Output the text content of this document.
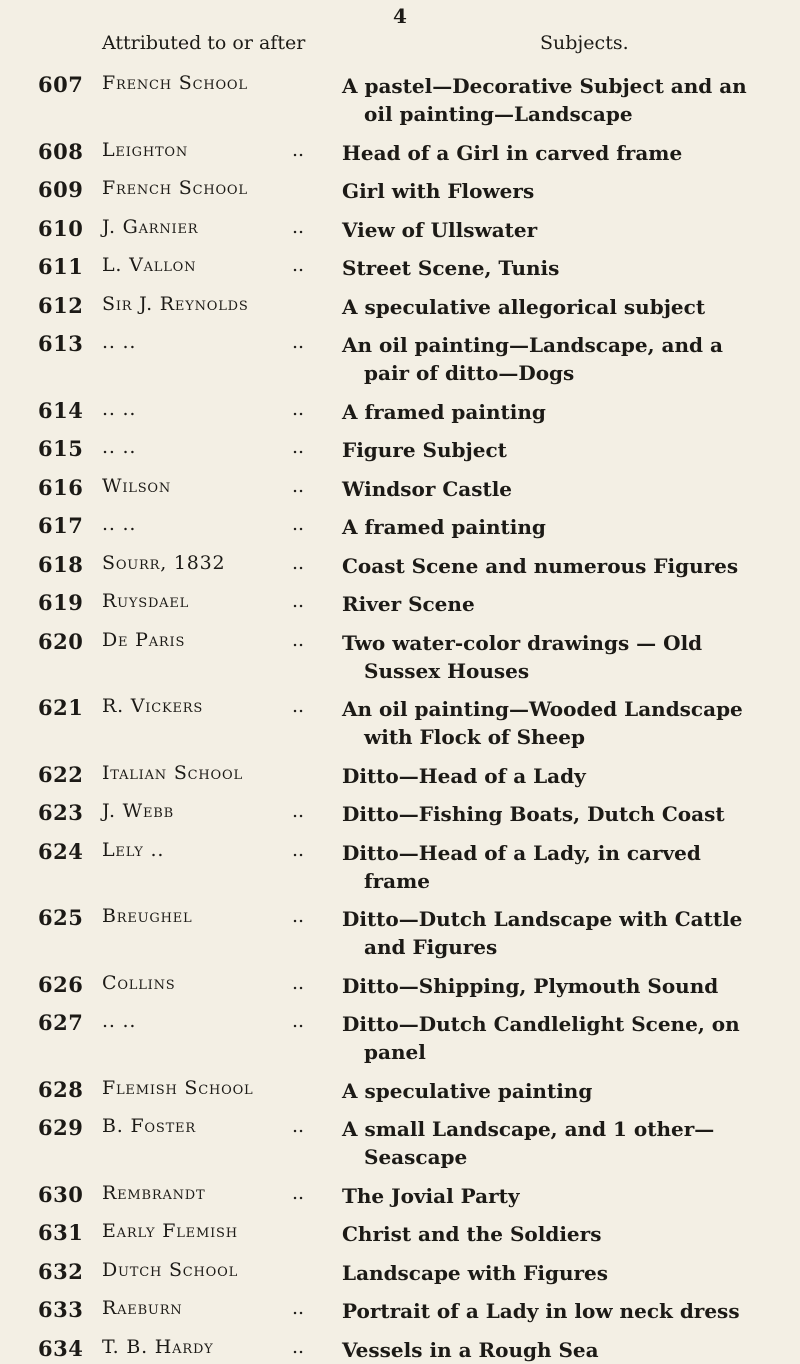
4
Attributed to or after	Subjects.
607 French School	A pastel—Decorative Subject and an
oil painting—Landscape
608 Leighton	.. Head of a Girl in carved frame
609 French School	Girl with Flowers
610 J. Garnier	.. View of Ullswater
611 L. Vallon	.. Street Scene, Tunis
612 Sir J. Reynolds	A speculative allegorical subject
613 .. ..	.. An oil painting—Landscape, and a
pair of ditto—Dogs
614 .. ..	.. A framed painting
615 .. ..	.. Figure Subject
616 Wilson	.. Windsor Castle
617 .. ..	.. A framed painting
618 Sourr, 1832	.. Coast Scene and numerous Figures
619 Ruysdael	.. River Scene
620 De Paris	.. Two water-color drawings — Old
Sussex Houses
621 R. Vickers	.. An oil painting—Wooded Landscape
with Flock of Sheep
622 Italian School	Ditto—Head of a Lady
623 J. Webb	.. Ditto—Fishing Boats, Dutch Coast
624 Lely ..	.. Ditto—Head of a Lady, in carved
frame
625 Breughel	.. Ditto—Dutch Landscape with Cattle
and Figures
626 Collins	.. Ditto—Shipping, Plymouth Sound
627 .. ..	.. Ditto—Dutch Candlelight Scene, on
panel
628 Flemish School	A speculative painting
629 B. Foster	.. A small Landscape, and 1 other—
Seascape
630 Rembrandt	.. The Jovial Party
631 Early Flemish	Christ and the Soldiers
632 Dutch School	Landscape with Figures
633 Raeburn	.. Portrait of a Lady in low neck dress
634 T. B. Hardy	.. Vessels in a Rough Sea
